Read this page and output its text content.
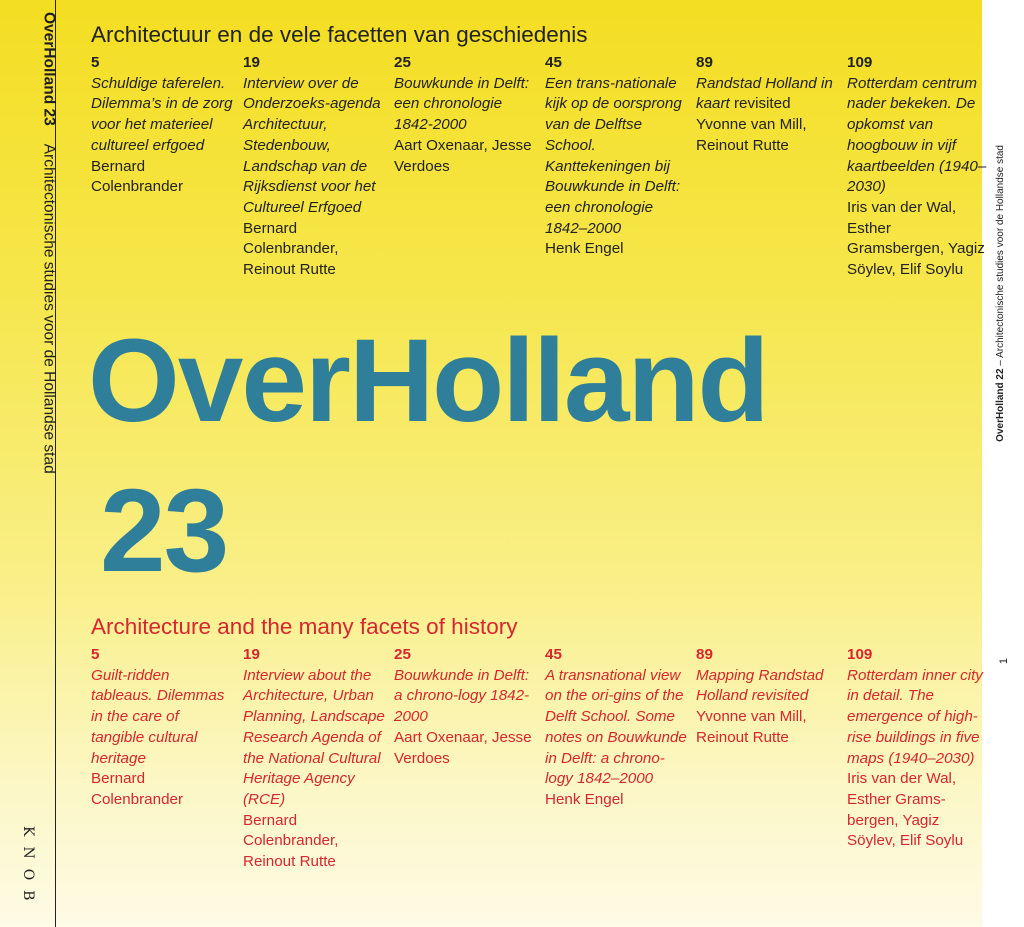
OverHolland 23Architectonische studies voor de Hollandse stad
KNOB
Architectuur en de vele facetten van geschiedenis
5
Schuldige taferelen. Dilemma’s in de zorg voor het materieel cultureel erfgoed
Bernard Colenbrander
19
Interview over de Onderzoeks-agenda Architectuur, Stedenbouw, Landschap van de Rijksdienst voor het Cultureel Erfgoed
Bernard Colenbrander, Reinout Rutte
25
Bouwkunde in Delft: een chronologie 1842-2000
Aart Oxenaar, Jesse Verdoes
45
Een trans-nationale kijk op de oorsprong van de Delftse School. Kanttekeningen bij Bouwkunde in Delft: een chronologie 1842–2000
Henk Engel
89
Randstad Holland in kaart revisited
Yvonne van Mill, Reinout Rutte
109
Rotterdam centrum nader bekeken. De opkomst van hoogbouw in vijf kaartbeelden (1940–2030)
Iris van der Wal, Esther Gramsbergen, Yagiz Söylev, Elif Soylu
OverHolland
23
Architecture and the many facets of history
5
Guilt-ridden tableaus. Dilemmas in the care of tangible cultural heritage
Bernard Colenbrander
19
Interview about the Architecture, Urban Planning, Landscape Research Agenda of the National Cultural Heritage Agency (RCE)
Bernard Colenbrander, Reinout Rutte
25
Bouwkunde in Delft: a chrono-logy 1842-2000
Aart Oxenaar, Jesse Verdoes
45
A transnational view on the ori-gins of the Delft School. Some notes on Bouwkunde in Delft: a chrono-logy 1842–2000
Henk Engel
89
Mapping Randstad Holland revisited
Yvonne van Mill, Reinout Rutte
109
Rotterdam inner city in detail. The emergence of high-rise buildings in five maps (1940–2030)
Iris van der Wal, Esther Grams-bergen, Yagiz Söylev, Elif Soylu
OverHolland 22 – Architectonische studies voor de Hollandse stad
1
